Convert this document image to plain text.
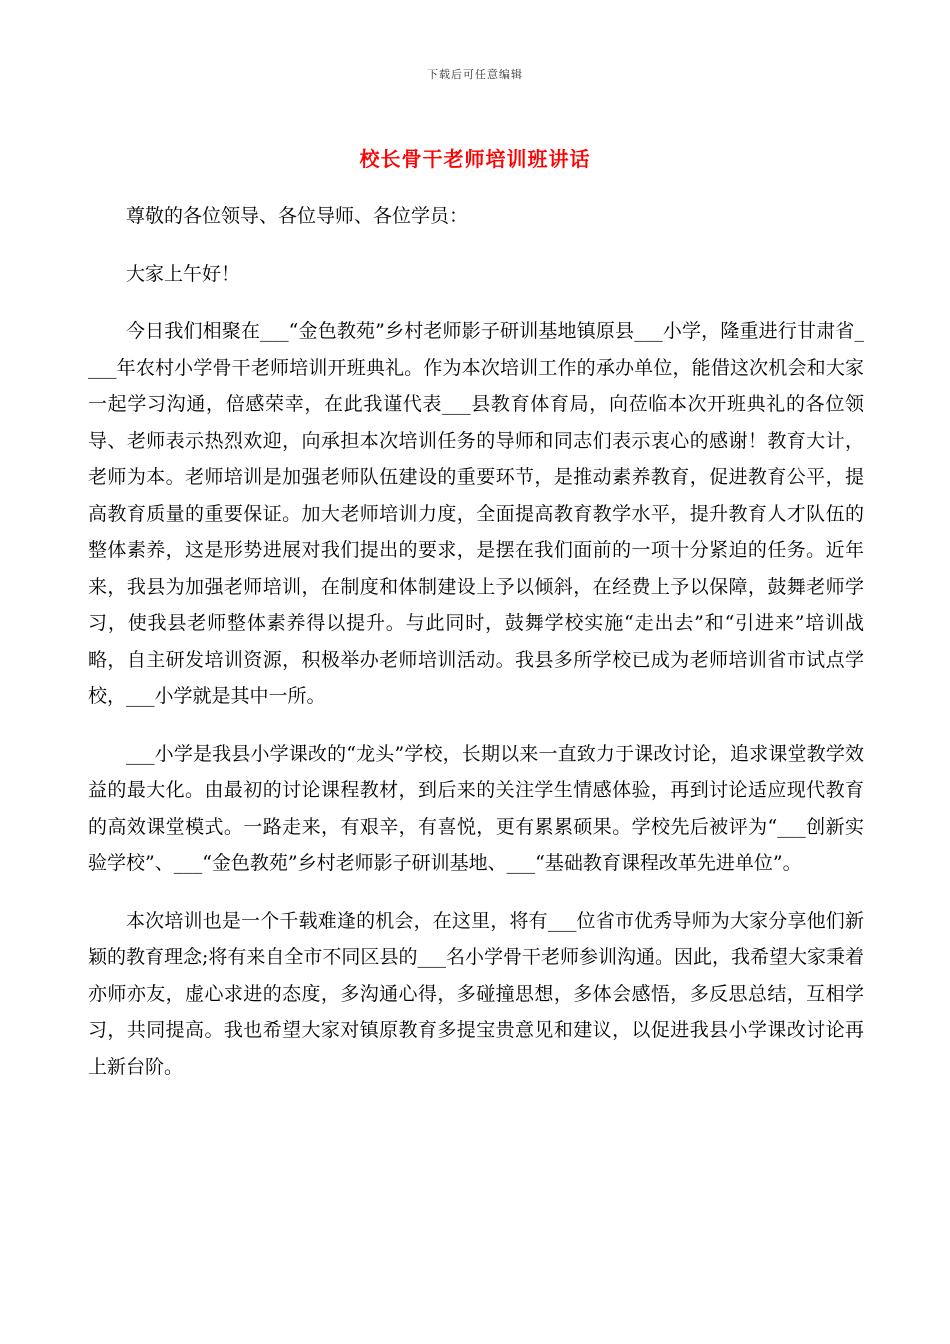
下载后可任意编辑
校长骨干老师培训班讲话

尊敬的各位领导、各位导师、各位学员：

大家上午好！

今日我们相聚在___“金色教苑”乡村老师影子研训基地镇原县___小学，隆重进行甘肃省____年农村小学骨干老师培训开班典礼。作为本次培训工作的承办单位，能借这次机会和大家一起学习沟通，倍感荣幸，在此我谨代表___县教育体育局，向莅临本次开班典礼的各位领导、老师表示热烈欢迎，向承担本次培训任务的导师和同志们表示衷心的感谢！教育大计，老师为本。老师培训是加强老师队伍建设的重要环节，是推动素养教育，促进教育公平，提高教育质量的重要保证。加大老师培训力度，全面提高教育教学水平，提升教育人才队伍的整体素养，这是形势进展对我们提出的要求，是摆在我们面前的一项十分紧迫的任务。近年来，我县为加强老师培训，在制度和体制建设上予以倾斜，在经费上予以保障，鼓舞老师学习，使我县老师整体素养得以提升。与此同时，鼓舞学校实施“走出去”和“引进来”培训战略，自主研发培训资源，积极举办老师培训活动。我县多所学校已成为老师培训省市试点学校，___小学就是其中一所。

___小学是我县小学课改的“龙头”学校，长期以来一直致力于课改讨论，追求课堂教学效益的最大化。由最初的讨论课程教材，到后来的关注学生情感体验，再到讨论适应现代教育的高效课堂模式。一路走来，有艰辛，有喜悦，更有累累硕果。学校先后被评为“___创新实验学校”、___“金色教苑”乡村老师影子研训基地、___“基础教育课程改革先进单位”。

本次培训也是一个千载难逢的机会，在这里，将有___位省市优秀导师为大家分享他们新颖的教育理念;将有来自全市不同区县的___名小学骨干老师参训沟通。因此，我希望大家秉着亦师亦友，虚心求进的态度，多沟通心得，多碰撞思想，多体会感悟，多反思总结，互相学习，共同提高。我也希望大家对镇原教育多提宝贵意见和建议，以促进我县小学课改讨论再上新台阶。
